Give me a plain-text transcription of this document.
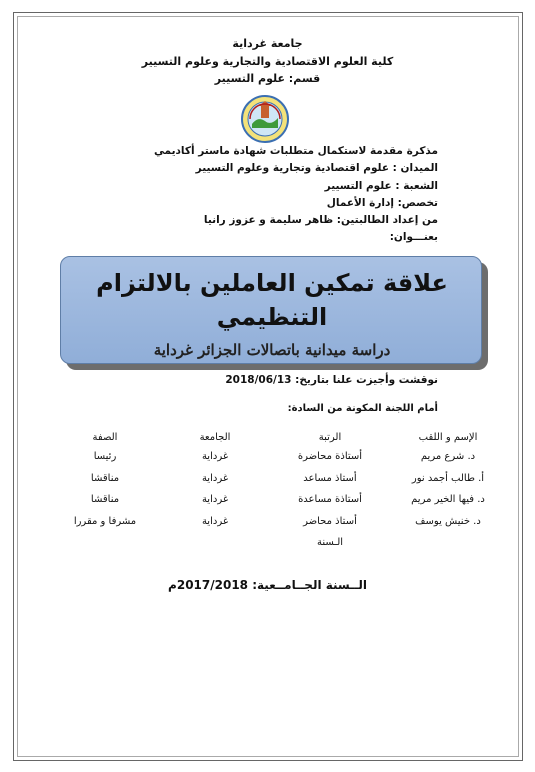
جامعة غرداية
كلية العلوم الاقتصادية والتجارية وعلوم التسيير
قسم: علوم التسيير
مذكرة مقدمة لاستكمال متطلبات شهادة ماستر أكاديمي
الميدان : علوم اقتصادية وتجارية وعلوم التسيير
الشعبة : علوم التسيير
تخصص: إدارة الأعمال
من إعداد الطالبتين: ظاهر سليمة و عزوز رانيا
بعنـــوان:
علاقة تمكين العاملين بالالتزام
التنظيمي
دراسة ميدانية باتصالات الجزائر غرداية
نوقشت وأجيزت علنا بتاريخ: 2018/06/13
أمام اللجنة المكونة من السادة:
الإسم و اللقب
الرتبة
الجامعة
الصفة
د. شرع مريم
أستاذة محاضرة
غرداية
رئيسا
أ. طالب أجمد نور
أستاذ مساعد
غرداية
مناقشا
د. فيها الخير مريم
أستاذة مساعدة
غرداية
مناقشا
د. خنيش يوسف
أستاذ محاضر
غرداية
مشرفا و مقررا
الـسنة
الــسنة الجــامــعية: 2017/2018م
